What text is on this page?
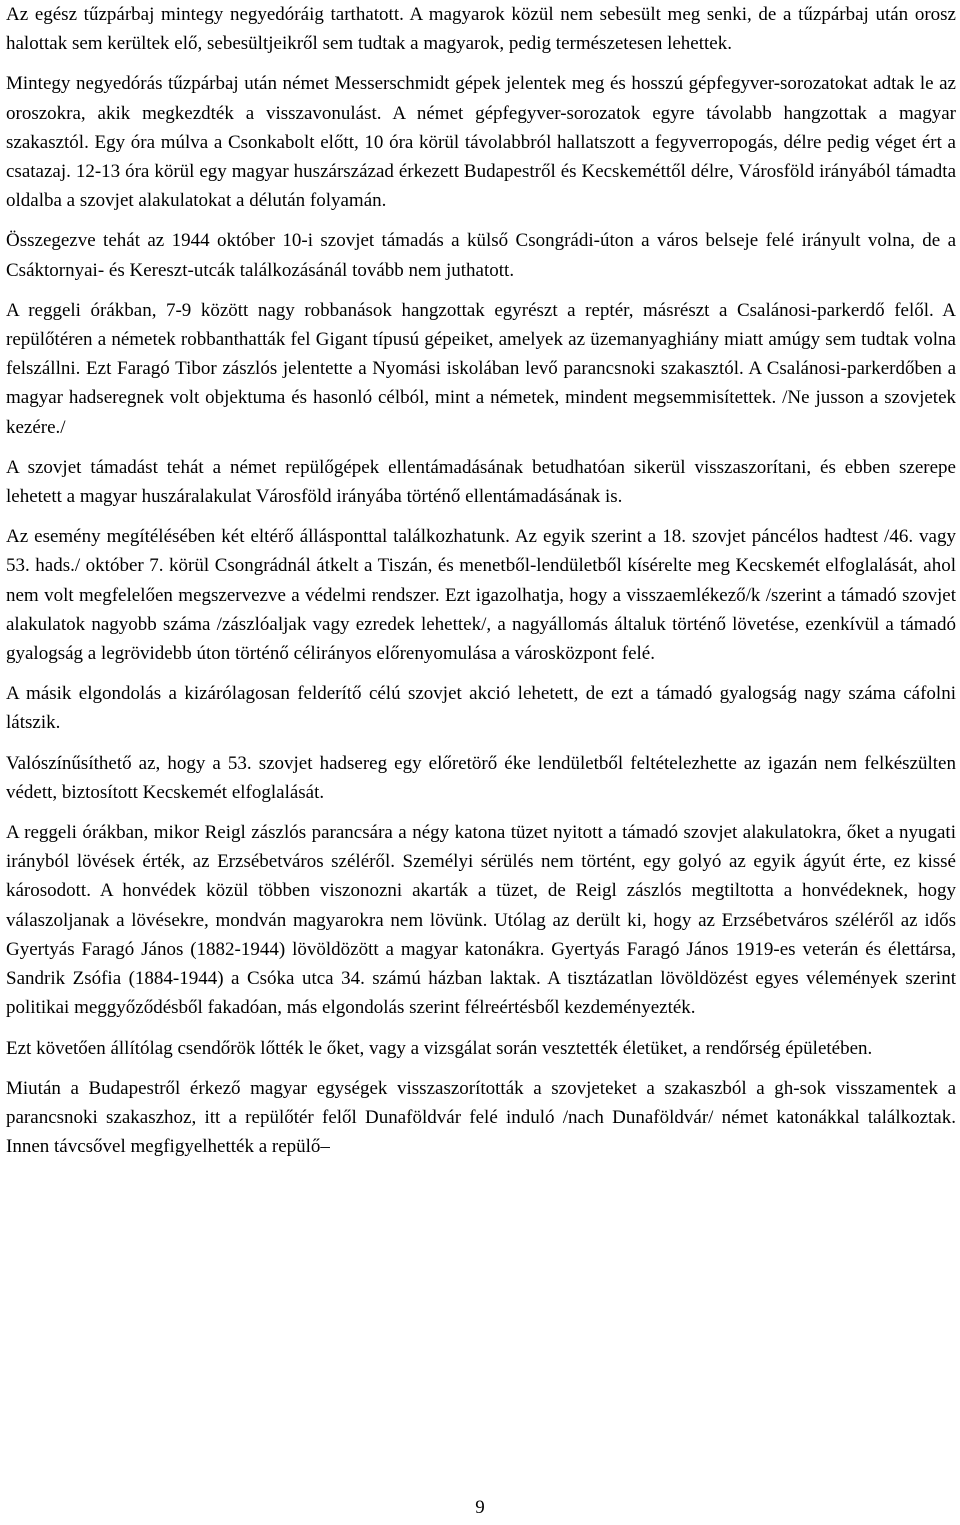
Az egész tűzpárbaj mintegy negyedóráig tarthatott. A magyarok közül nem sebesült meg senki, de a tűzpárbaj után orosz halottak sem kerültek elő, sebesültjeikről sem tudtak a magyarok, pedig természetesen lehettek.

Mintegy negyedórás tűzpárbaj után német Messerschmidt gépek jelentek meg és hosszú gépfegyver-sorozatokat adtak le az oroszokra, akik megkezdték a visszavonulást. A német gépfegyver-sorozatok egyre távolabb hangzottak a magyar szakasztól. Egy óra múlva a Csonkabolt előtt, 10 óra körül távolabbról hallatszott a fegyverropogás, délre pedig véget ért a csatazaj. 12-13 óra körül egy magyar huszárszázad érkezett Budapestről és Kecskeméttől délre, Városföld irányából támadta oldalba a szovjet alakulatokat a délután folyamán.

Összegezve tehát az 1944 október 10-i szovjet támadás a külső Csongrádi-úton a város belseje felé irányult volna, de a Csáktornyai- és Kereszt-utcák találkozásánál tovább nem juthatott.

A reggeli órákban, 7-9 között nagy robbanások hangzottak egyrészt a reptér, másrészt a Csalánosi-parkerdő felől. A repülőtéren a németek robbanthatták fel Gigant típusú gépeiket, amelyek az üzemanyaghiány miatt amúgy sem tudtak volna felszállni. Ezt Faragó Tibor zászlós jelentette a Nyomási iskolában levő parancsnoki szakasztól. A Csalánosi-parkerdőben a magyar hadseregnek volt objektuma és hasonló célból, mint a németek, mindent megsemmisítettek. /Ne jusson a szovjetek kezére./

A szovjet támadást tehát a német repülőgépek ellentámadásának betudhatóan sikerül visszaszorítani, és ebben szerepe lehetett a magyar huszáralakulat Városföld irányába történő ellentámadásának is.

Az esemény megítélésében két eltérő állásponttal találkozhatunk. Az egyik szerint a 18. szovjet páncélos hadtest /46. vagy 53. hads./ október 7. körül Csongrádnál átkelt a Tiszán, és menetből-lendületből kísérelte meg Kecskemét elfoglalását, ahol nem volt megfelelően megszervezve a védelmi rendszer. Ezt igazolhatja, hogy a visszaemlékező/k /szerint a támadó szovjet alakulatok nagyobb száma /zászlóaljak vagy ezredek lehettek/, a nagyállomás általuk történő lövetése, ezenkívül a támadó gyalogság a legrövidebb úton történő célirányos előrenyomulása a városközpont felé.

A másik elgondolás a kizárólagosan felderítő célú szovjet akció lehetett, de ezt a támadó gyalogság nagy száma cáfolni látszik.

Valószínűsíthető az, hogy a 53. szovjet hadsereg egy előretörő éke lendületből feltételezhette az igazán nem felkészülten védett, biztosított Kecskemét elfoglalását.

A reggeli órákban, mikor Reigl zászlós parancsára a négy katona tüzet nyitott a támadó szovjet alakulatokra, őket a nyugati irányból lövések érték, az Erzsébetváros széléről. Személyi sérülés nem történt, egy golyó az egyik ágyút érte, ez kissé károsodott. A honvédek közül többen viszonozni akarták a tüzet, de Reigl zászlós megtiltotta a honvédeknek, hogy válaszoljanak a lövésekre, mondván magyarokra nem lövünk. Utólag az derült ki, hogy az Erzsébetváros széléről az idős Gyertyás Faragó János (1882-1944) lövöldözött a magyar katonákra. Gyertyás Faragó János 1919-es veterán és élettársa, Sandrik Zsófia (1884-1944) a Csóka utca 34. számú házban laktak. A tisztázatlan lövöldözést egyes vélemények szerint politikai meggyőződésből fakadóan, más elgondolás szerint félreértésből kezdeményezték.

Ezt követően állítólag csendőrök lőtték le őket, vagy a vizsgálat során vesztették életüket, a rendőrség épületében.

Miután a Budapestről érkező magyar egységek visszaszorították a szovjeteket a szakaszból a gh-sok visszamentek a parancsnoki szakaszhoz, itt a repülőtér felől Dunaföldvár felé induló /nach Dunaföldvár/ német katonákkal találkoztak. Innen távcsővel megfigyelhették a repülő–

9
